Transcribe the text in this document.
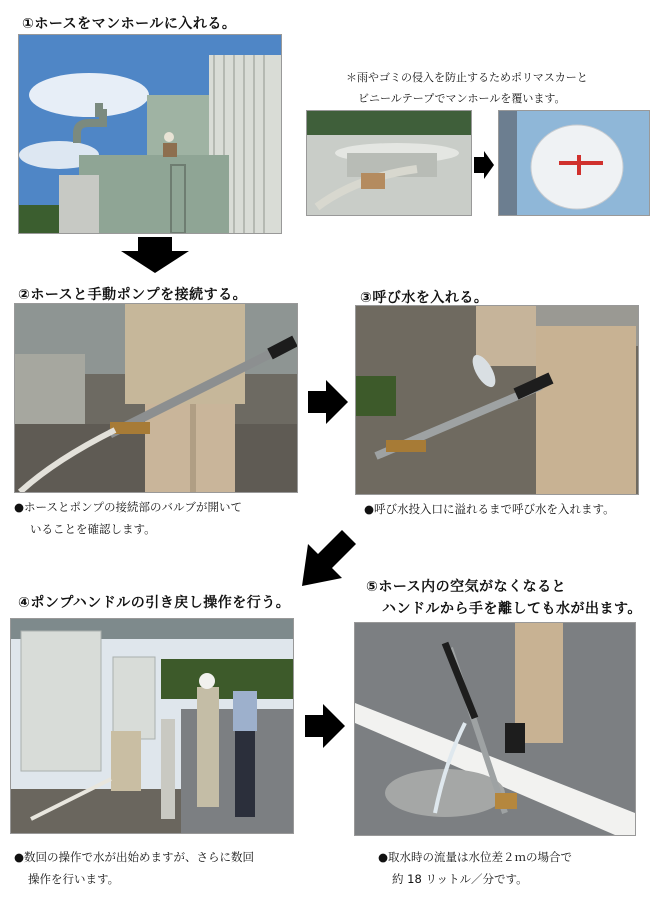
①ホースをマンホールに入れる。
＊雨やゴミの侵入を防止するためポリマスカーと
ビニールテープでマンホールを覆います。
②ホースと手動ポンプを接続する。
●ホースとポンプの接続部のバルブが開いて
いることを確認します。
③呼び水を入れる。
●呼び水投入口に溢れるまで呼び水を入れます。
④ポンプハンドルの引き戻し操作を行う。
●数回の操作で水が出始めますが、さらに数回
操作を行います。
⑤ホース内の空気がなくなると
ハンドルから手を離しても水が出ます。
●取水時の流量は水位差２ｍの場合で
約 18 リットル／分です。
